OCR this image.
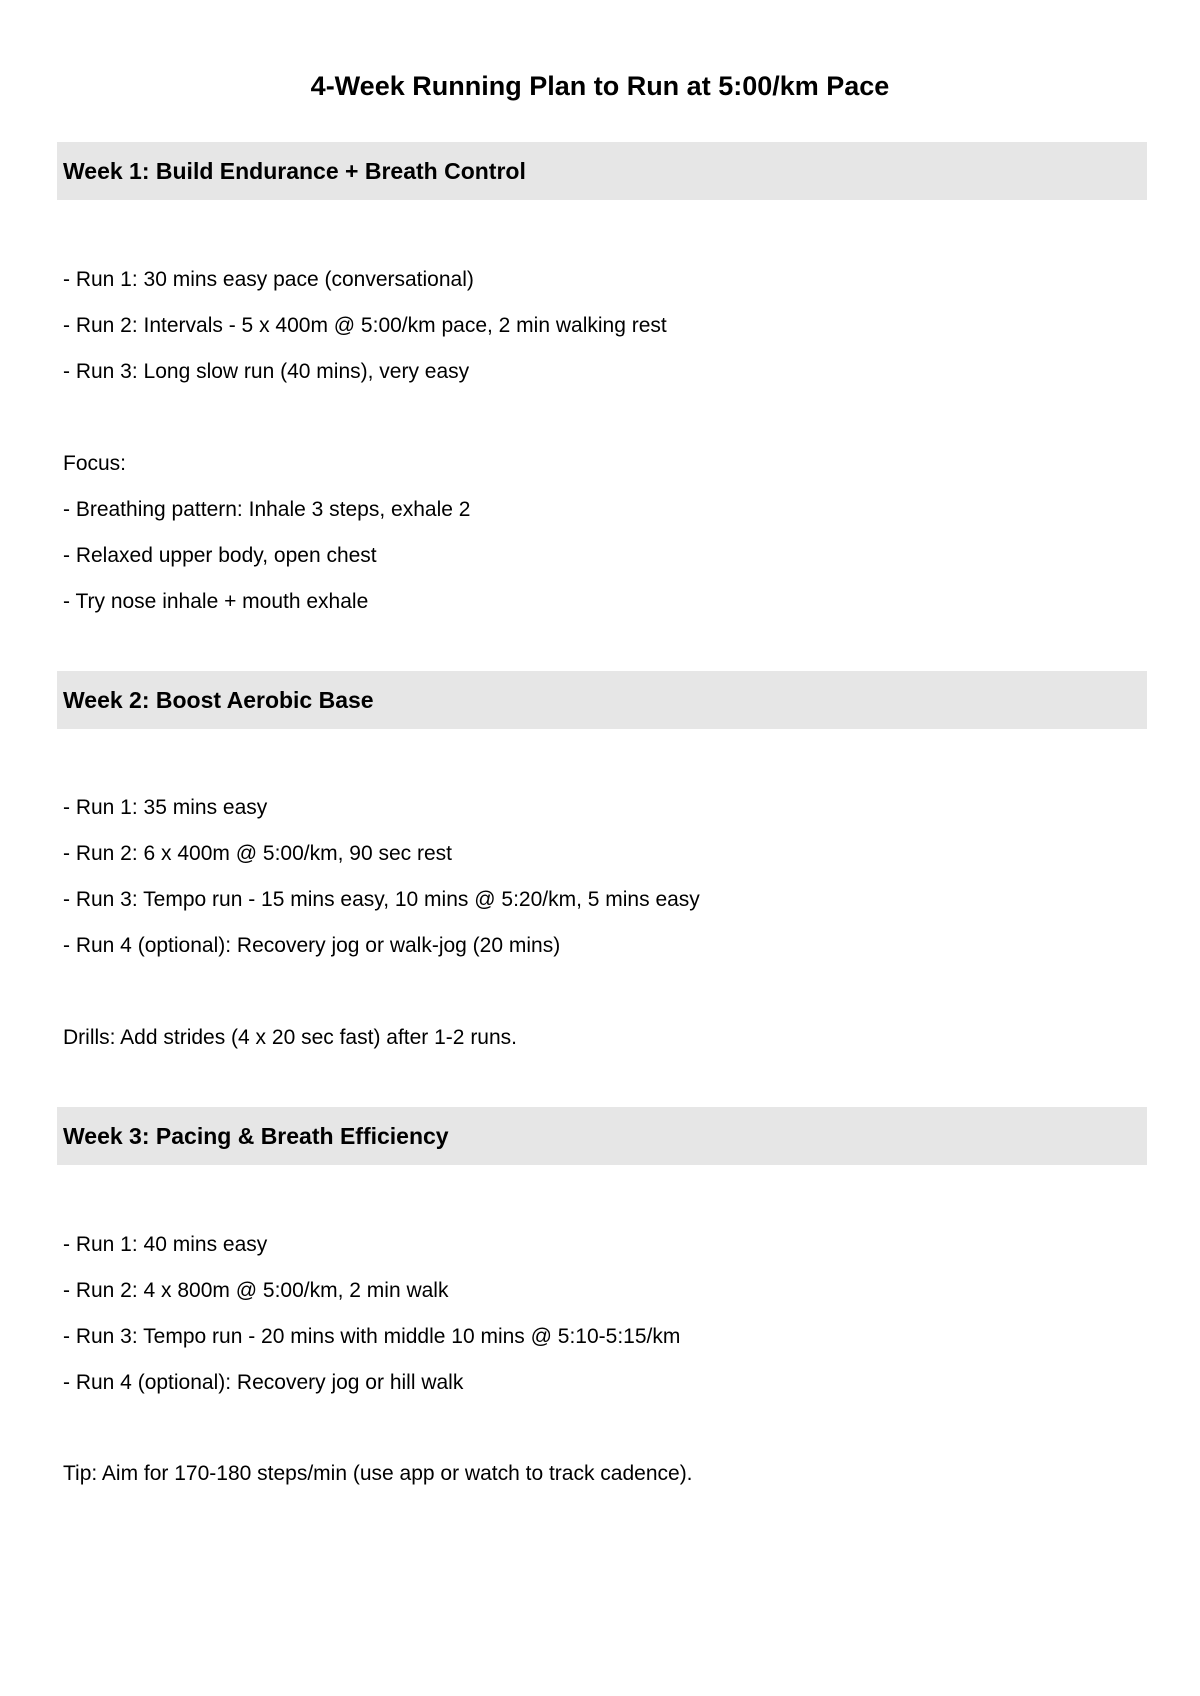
4-Week Running Plan to Run at 5:00/km Pace
Week 1: Build Endurance + Breath Control

- Run 1: 30 mins easy pace (conversational)

- Run 2: Intervals - 5 x 400m @ 5:00/km pace, 2 min walking rest

- Run 3: Long slow run (40 mins), very easy

Focus:

- Breathing pattern: Inhale 3 steps, exhale 2

- Relaxed upper body, open chest

- Try nose inhale + mouth exhale

Week 2: Boost Aerobic Base

- Run 1: 35 mins easy

- Run 2: 6 x 400m @ 5:00/km, 90 sec rest

- Run 3: Tempo run - 15 mins easy, 10 mins @ 5:20/km, 5 mins easy

- Run 4 (optional): Recovery jog or walk-jog (20 mins)

Drills: Add strides (4 x 20 sec fast) after 1-2 runs.

Week 3: Pacing & Breath Efficiency

- Run 1: 40 mins easy

- Run 2: 4 x 800m @ 5:00/km, 2 min walk

- Run 3: Tempo run - 20 mins with middle 10 mins @ 5:10-5:15/km

- Run 4 (optional): Recovery jog or hill walk

Tip: Aim for 170-180 steps/min (use app or watch to track cadence).
